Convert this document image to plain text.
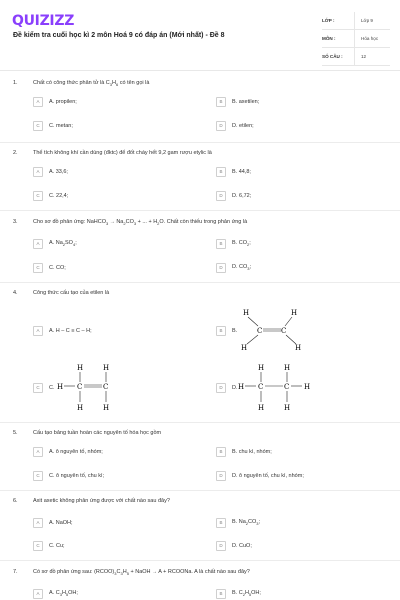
QUIZIZZ
Đề kiểm tra cuối học kì 2 môn Hoá 9 có đáp án (Mới nhất) - Đề 8
LỚP :	Lớp 9
MÔN :	Hóa học
SỐ CÂU :	12
1.	Chất có công thức phân tử là $C_3H_6$ có tên gọi là
A A. propilen;	B B. axetilen;
C C. metan;	D D. etilen;
2.	Thể tích không khí cần dùng (đktc) để đốt cháy hết 9,2 gam rượu etylic là
A A. 33,6;	B B. 44,8;
C C. 22,4;	D D. 6,72;
3.	Cho sơ đồ phản ứng: NaHCO$_3$ → $Na_2CO_3$ + ... + $H_2O$. Chất còn thiếu trong phản ứng là
A A. $Na_2SO_4$;	B B. $CO_2$;
C C. CO;	D D. $CO_3$;
4.	Công thức cấu tạo của etilen là
A A. H – C ≡ C – H;	B B.
C C.	D D.
H	H
C	C
H	H
H	H
H C	C
H	H
H	H
H C	C H
H	H
5.	Cấu tạo bảng tuần hoàn các nguyên tố hóa học gồm
A A. ô nguyên tố, nhóm;	B B. chu kì, nhóm;
C C. ô nguyên tố, chu kì;	D D. ô nguyên tố, chu kì, nhóm;
6.	Axit axetic không phản ứng được với chất nào sau đây?
A A. NaOH;	B B. $Na_2CO_3$;
C C. Cu;	D D. CuO;
7.	Có sơ đồ phản ứng sau: $(RCOO)_3C_3H_5$ + NaOH → A + RCOONa. A là chất nào sau đây?
A A. $C_3H_5OH$;	B B. $C_2H_5OH$;
